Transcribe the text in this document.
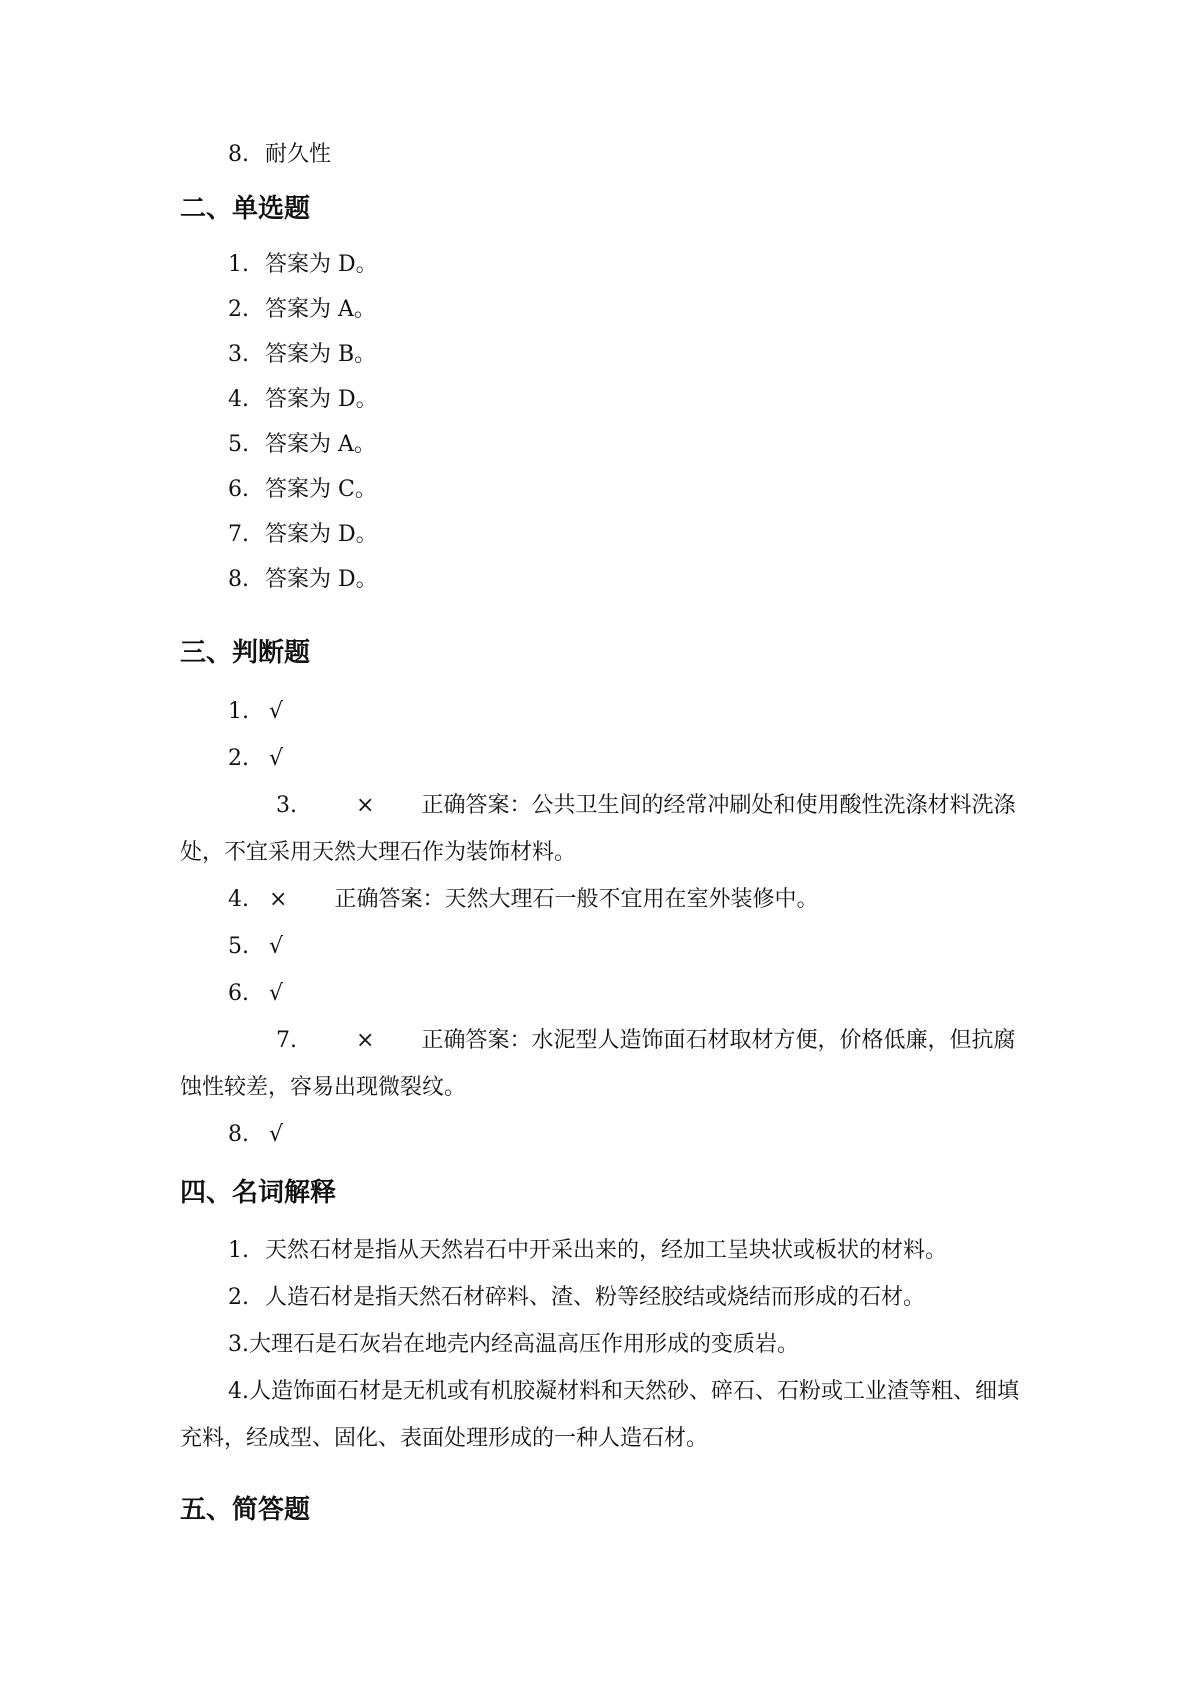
8. 耐久性
二、单选题
1. 答案为 D。
2. 答案为 A。
3. 答案为 B。
4. 答案为 D。
5. 答案为 A。
6. 答案为 C。
7. 答案为 D。
8. 答案为 D。
三、判断题
1. √
2. √
3.	× 正确答案：公共卫生间的经常冲刷处和使用酸性洗涤材料洗涤处，不宜采用天然大理石作为装饰材料。
4. × 正确答案：天然大理石一般不宜用在室外装修中。
5. √
6. √
7.	× 正确答案：水泥型人造饰面石材取材方便，价格低廉，但抗腐蚀性较差，容易出现微裂纹。
8. √
四、名词解释
1. 天然石材是指从天然岩石中开采出来的，经加工呈块状或板状的材料。
2. 人造石材是指天然石材碎料、渣、粉等经胶结或烧结而形成的石材。
3.大理石是石灰岩在地壳内经高温高压作用形成的变质岩。
4.人造饰面石材是无机或有机胶凝材料和天然砂、碎石、石粉或工业渣等粗、细填充料，经成型、固化、表面处理形成的一种人造石材。
五、简答题
